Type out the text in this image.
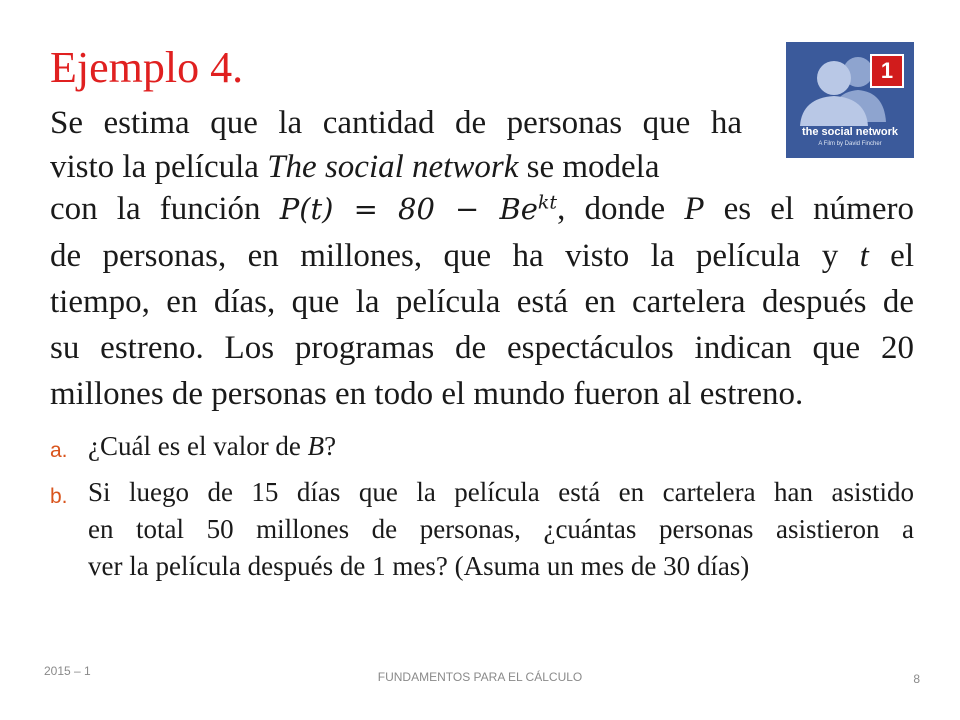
Ejemplo 4.	1
the social network
A Film by David Fincher
Se estima que la cantidad de personas que ha
visto la película The social network se modela
con la función $P(t) = 80 - Be^{kt}$, donde P es el número
de personas, en millones, que ha visto la película y t el
tiempo, en días, que la película está en cartelera después de
su estreno. Los programas de espectáculos indican que 20
millones de personas en todo el mundo fueron al estreno.
a. ¿Cuál es el valor de B?
b. Si luego de 15 días que la película está en cartelera han asistido
en total 50 millones de personas, ¿cuántas personas asistieron a
ver la película después de 1 mes? (Asuma un mes de 30 días)
2015 – 1	FUNDAMENTOS PARA EL CÁLCULO	8
